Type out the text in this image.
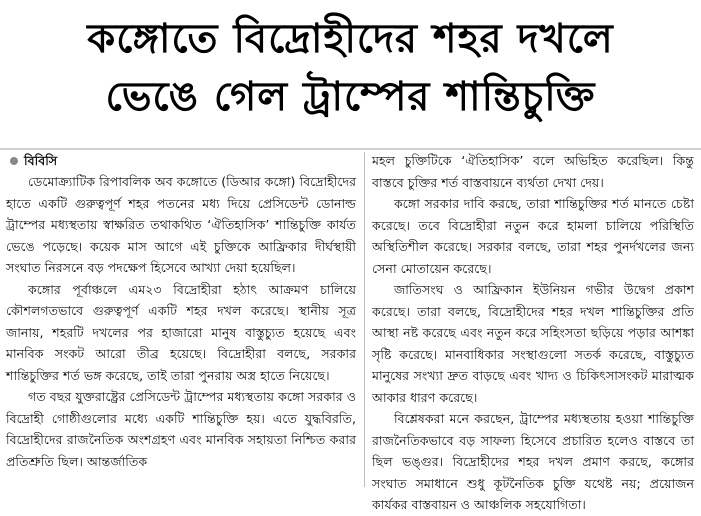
কঙ্গোতে বিদ্রোহীদের শহর দখলে
ভেঙে গেল ট্রাম্পের শান্তিচুক্তি
বিবিসি

ডেমোক্র্যাটিক রিপাবলিক অব কঙ্গোতে (ডিআর কঙ্গো) বিদ্রোহীদের হাতে একটি গুরুত্বপূর্ণ শহর পতনের মধ্য দিয়ে প্রেসিডেন্ট ডোনাল্ড ট্রাম্পের মধ্যস্থতায় স্বাক্ষরিত তথাকথিত ‘ঐতিহাসিক’ শান্তিচুক্তি কার্যত ভেঙে পড়েছে। কয়েক মাস আগে এই চুক্তিকে আফ্রিকার দীর্ঘস্থায়ী সংঘাত নিরসনে বড় পদক্ষেপ হিসেবে আখ্যা দেয়া হয়েছিল।

কঙ্গোর পূর্বাঞ্চলে এম২৩ বিদ্রোহীরা হঠাৎ আক্রমণ চালিয়ে কৌশলগতভাবে গুরুত্বপূর্ণ একটি শহর দখল করেছে। স্থানীয় সূত্র জানায়, শহরটি দখলের পর হাজারো মানুষ বাস্তুচ্যুত হয়েছে এবং মানবিক সংকট আরো তীব্র হয়েছে। বিদ্রোহীরা বলছে, সরকার শান্তিচুক্তির শর্ত ভঙ্গ করেছে, তাই তারা পুনরায় অস্ত্র হাতে নিয়েছে।

গত বছর যুক্তরাষ্ট্রের প্রেসিডেন্ট ট্রাম্পের মধ্যস্থতায় কঙ্গো সরকার ও বিদ্রোহী গোষ্ঠীগুলোর মধ্যে একটি শান্তিচুক্তি হয়। এতে যুদ্ধবিরতি, বিদ্রোহীদের রাজনৈতিক অংশগ্রহণ এবং মানবিক সহায়তা নিশ্চিত করার প্রতিশ্রুতি ছিল। আন্তর্জাতিক

মহল চুক্তিটিকে ‘ঐতিহাসিক’ বলে অভিহিত করেছিল। কিন্তু বাস্তবে চুক্তির শর্ত বাস্তবায়নে ব্যর্থতা দেখা দেয়।

কঙ্গো সরকার দাবি করছে, তারা শান্তিচুক্তির শর্ত মানতে চেষ্টা করেছে। তবে বিদ্রোহীরা নতুন করে হামলা চালিয়ে পরিস্থিতি অস্থিতিশীল করেছে। সরকার বলছে, তারা শহর পুনর্দখলের জন্য সেনা মোতায়েন করেছে।

জাতিসংঘ ও আফ্রিকান ইউনিয়ন গভীর উদ্বেগ প্রকাশ করেছে। তারা বলছে, বিদ্রোহীদের শহর দখল শান্তিচুক্তির প্রতি আস্থা নষ্ট করেছে এবং নতুন করে সহিংসতা ছড়িয়ে পড়ার আশঙ্কা সৃষ্টি করেছে। মানবাধিকার সংস্থাগুলো সতর্ক করেছে, বাস্তুচ্যুত মানুষের সংখ্যা দ্রুত বাড়ছে এবং খাদ্য ও চিকিৎসাসংকট মারাত্মক আকার ধারণ করেছে।

বিশ্লেষকরা মনে করছেন, ট্রাম্পের মধ্যস্থতায় হওয়া শান্তিচুক্তি রাজনৈতিকভাবে বড় সাফল্য হিসেবে প্রচারিত হলেও বাস্তবে তা ছিল ভঙ্গুর। বিদ্রোহীদের শহর দখল প্রমাণ করছে, কঙ্গোর সংঘাত সমাধানে শুধু কূটনৈতিক চুক্তি যথেষ্ট নয়; প্রয়োজন কার্যকর বাস্তবায়ন ও আঞ্চলিক সহযোগিতা।
